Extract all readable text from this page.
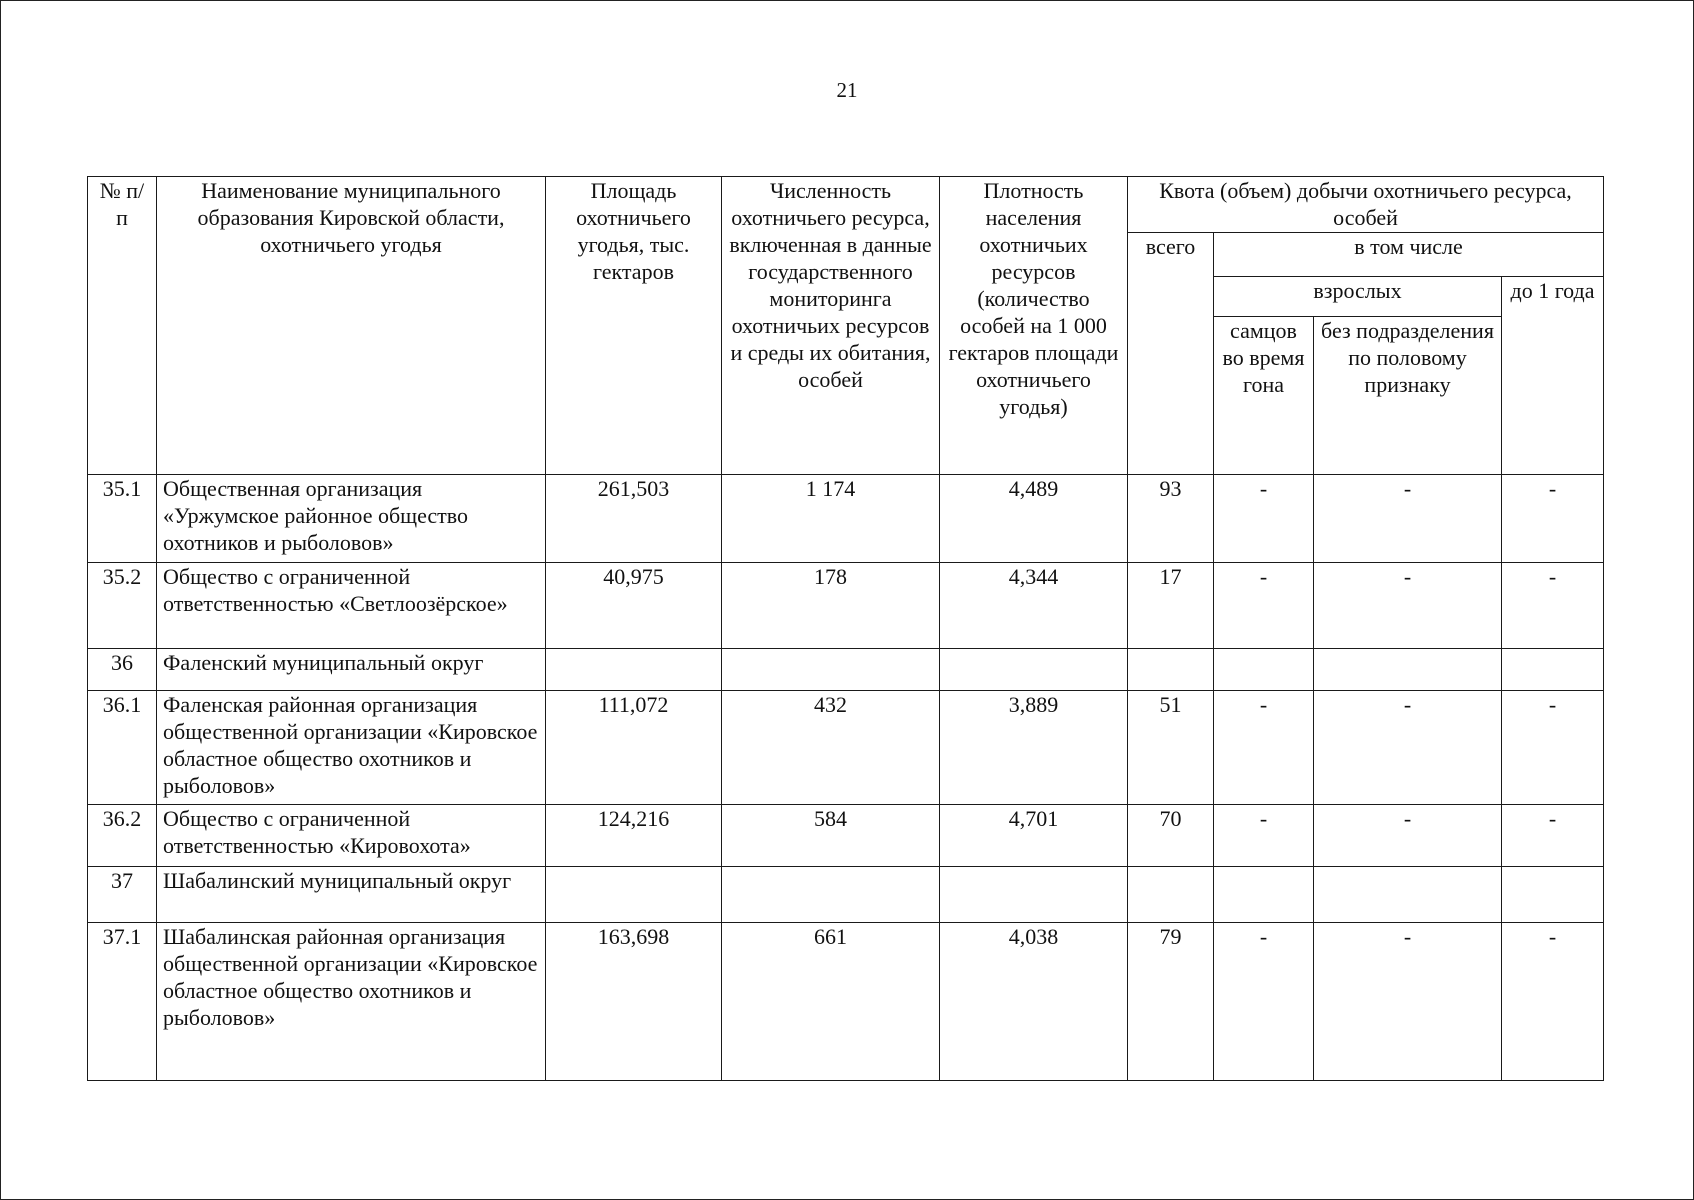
21
№ п/п	Наименование муниципального образования Кировской области, охотничьего угодья	Площадь охотничьего угодья, тыс. гектаров	Численность охотничьего ресурса, включенная в данные государственного мониторинга охотничьих ресурсов и среды их обитания, особей	Плотность населения охотничьих ресурсов (количество особей на 1 000 гектаров площади охотничьего угодья)	Квота (объем) добычи охотничьего ресурса, особей			
					всего	в том числе		
						взрослых		до 1 года
						самцов во время гона	без подразделения по половому признаку	
35.1	Общественная организация «Уржумское районное общество охотников и рыболовов»	261,503	1 174	4,489	93	-	-	-
35.2	Общество с ограниченной ответственностью «Светлоозёрское»	40,975	178	4,344	17	-	-	-
36	Фаленский муниципальный округ							
36.1	Фаленская районная организация общественной организации «Кировское областное общество охотников и рыболовов»	111,072	432	3,889	51	-	-	-
36.2	Общество с ограниченной ответственностью «Кировохота»	124,216	584	4,701	70	-	-	-
37	Шабалинский муниципальный округ							
37.1	Шабалинская районная организация общественной организации «Кировское областное общество охотников и рыболовов»	163,698	661	4,038	79	-	-	-
